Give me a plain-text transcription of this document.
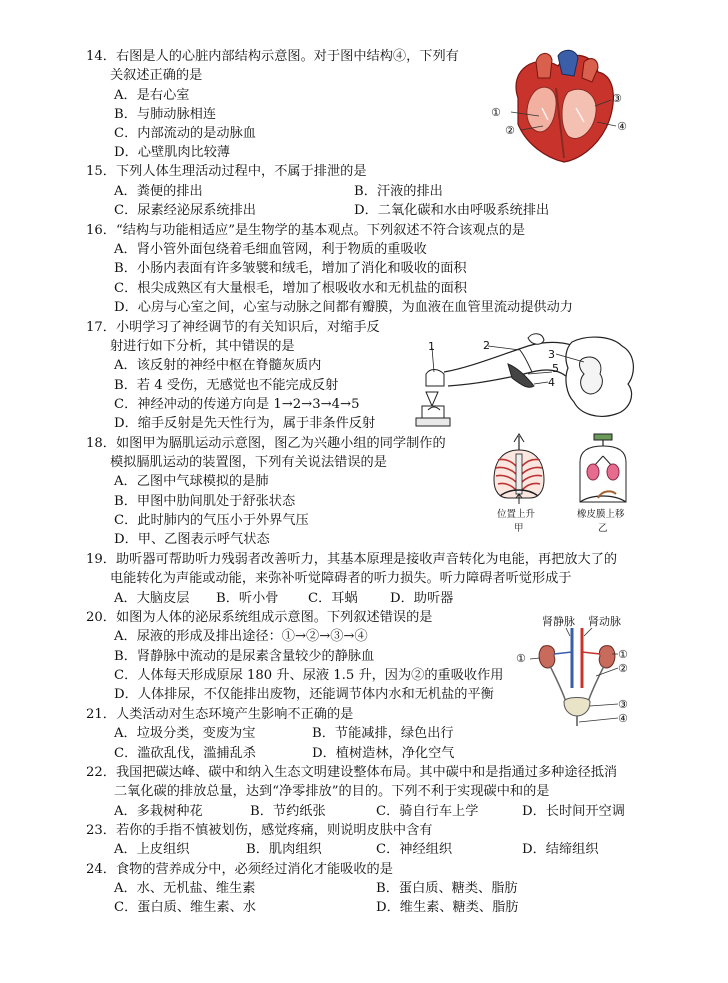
14．右图是人的心脏内部结构示意图。对于图中结构④，下列有
关叙述正确的是
A．是右心室
B．与肺动脉相连
C．内部流动的是动脉血
D．心壁肌肉比较薄
①
②
③
④
15．下列人体生理活动过程中，不属于排泄的是
A．粪便的排出	B．汗液的排出
C．尿素经泌尿系统排出	D．二氧化碳和水由呼吸系统排出
16．“结构与功能相适应”是生物学的基本观点。下列叙述不符合该观点的是
A．肾小管外面包绕着毛细血管网，利于物质的重吸收
B．小肠内表面有许多皱襞和绒毛，增加了消化和吸收的面积
C．根尖成熟区有大量根毛，增加了根吸收水和无机盐的面积
D．心房与心室之间，心室与动脉之间都有瓣膜，为血液在血管里流动提供动力
17．小明学习了神经调节的有关知识后，对缩手反
射进行如下分析，其中错误的是
A．该反射的神经中枢在脊髓灰质内
B．若 4 受伤，无感觉也不能完成反射
C．神经冲动的传递方向是 1→2→3→4→5
D．缩手反射是先天性行为，属于非条件反射
1	2
3
4
5
18．如图甲为膈肌运动示意图，图乙为兴趣小组的同学制作的
模拟膈肌运动的装置图，下列有关说法错误的是
A．乙图中气球模拟的是肺
B．甲图中肋间肌处于舒张状态
C．此时肺内的气压小于外界气压
D．甲、乙图表示呼气状态
位置上升
甲
橡皮膜上移
乙
19．助听器可帮助听力残弱者改善听力，其基本原理是接收声音转化为电能，再把放大了的
电能转化为声能或动能，来弥补听觉障碍者的听力损失。听力障碍者听觉形成于
A．大脑皮层 B．听小骨 C．耳蜗 D．助听器
20．如图为人体的泌尿系统组成示意图。下列叙述错误的是
A．尿液的形成及排出途径：①→②→③→④
B．肾静脉中流动的是尿素含量较少的静脉血
C．人体每天形成原尿 180 升、尿液 1.5 升，因为②的重吸收作用
D．人体排尿，不仅能排出废物，还能调节体内水和无机盐的平衡
肾静脉 肾动脉
①	①
②
③
④
21．人类活动对生态环境产生影响不正确的是
A．垃圾分类，变废为宝	B．节能减排，绿色出行
C．滥砍乱伐，滥捕乱杀	D．植树造林，净化空气
22．我国把碳达峰、碳中和纳入生态文明建设整体布局。其中碳中和是指通过多种途径抵消
二氧化碳的排放总量，达到“净零排放”的目的。下列不利于实现碳中和的是
A．多栽树种花	B．节约纸张	C．骑自行车上学	D．长时间开空调
23．若你的手指不慎被划伤，感觉疼痛，则说明皮肤中含有
A．上皮组织	B．肌肉组织	C．神经组织	D．结缔组织
24．食物的营养成分中，必须经过消化才能吸收的是
A．水、无机盐、维生素	B．蛋白质、糖类、脂肪
C．蛋白质、维生素、水	D．维生素、糖类、脂肪
